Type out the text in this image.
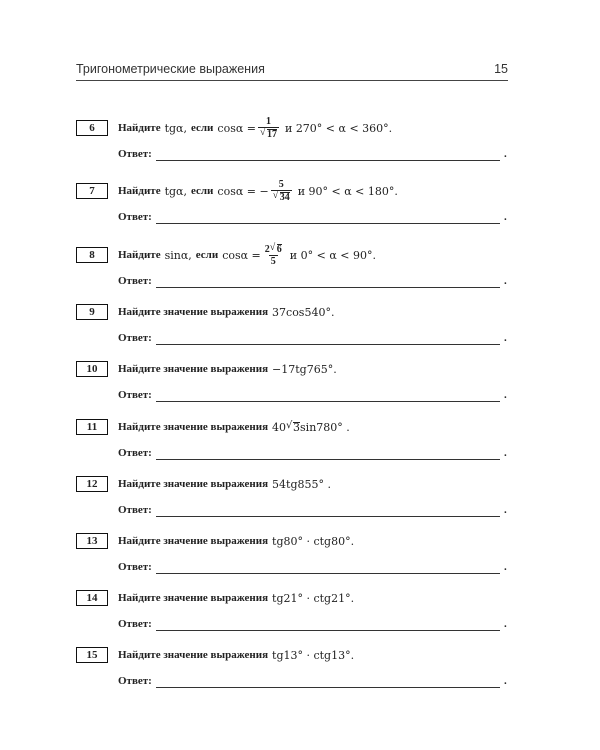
Тригонометрические выражения	15
6	Найдите tgα, если cosα = 1
√ 17 и 270° < α < 360°.
Ответ:	.
7	Найдите tgα, если cosα = − 5
√ 34 и 90° < α < 180°.
Ответ:	.
8	Найдите sinα, если $\cos\alpha = \frac{2 √ 6}{5}$ и 0° < α < 90°.
Ответ:	.
9	Найдите значение выражения 37cos540°.
Ответ:	.
10	Найдите значение выражения −17tg765°.
Ответ:	.
11	Найдите значение выражения 40 √ 3 sin780° .
Ответ:	.
12	Найдите значение выражения 54tg855° .
Ответ:	.
13	Найдите значение выражения tg80° · ctg80°.
Ответ:	.
14	Найдите значение выражения tg21° · ctg21°.
Ответ:	.
15	Найдите значение выражения tg13° · ctg13°.
Ответ:	.
